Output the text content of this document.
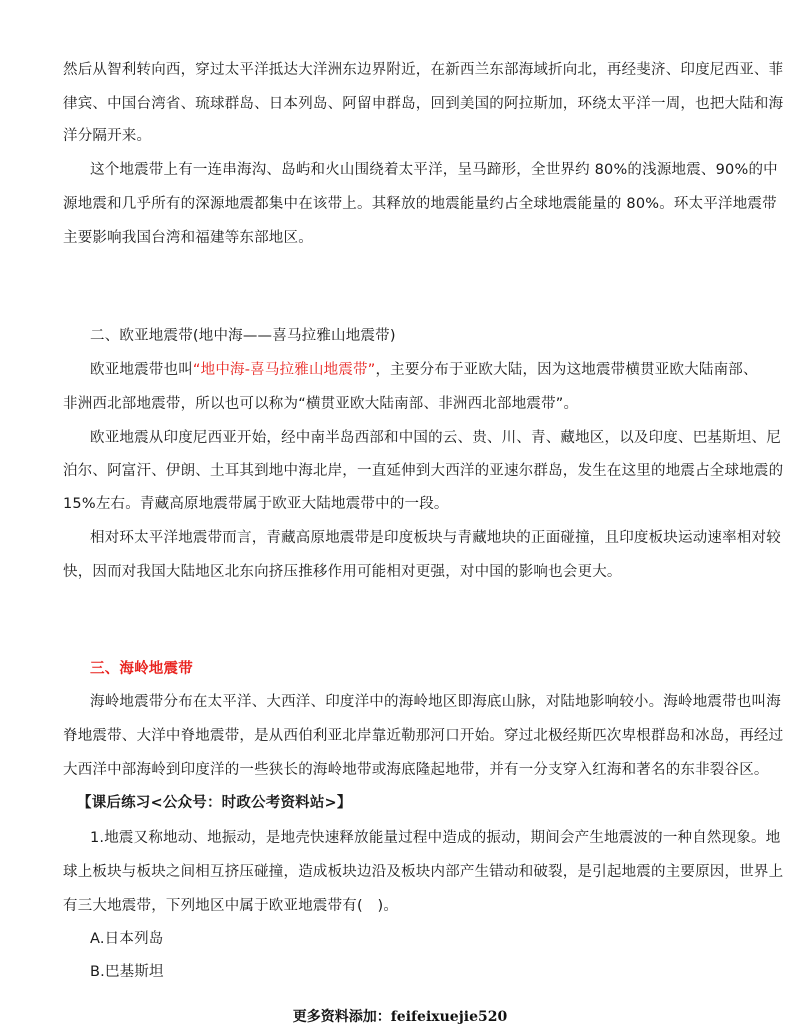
然后从智利转向西，穿过太平洋抵达大洋洲东边界附近，在新西兰东部海域折向北，再经斐济、印度尼西亚、菲
律宾、中国台湾省、琉球群岛、日本列岛、阿留申群岛，回到美国的阿拉斯加，环绕太平洋一周，也把大陆和海
洋分隔开来。
这个地震带上有一连串海沟、岛屿和火山围绕着太平洋，呈马蹄形，全世界约 80%的浅源地震、90%的中
源地震和几乎所有的深源地震都集中在该带上。其释放的地震能量约占全球地震能量的 80%。环太平洋地震带
主要影响我国台湾和福建等东部地区。
二、欧亚地震带(地中海——喜马拉雅山地震带)
欧亚地震带也叫“地中海-喜马拉雅山地震带”，主要分布于亚欧大陆，因为这地震带横贯亚欧大陆南部、
非洲西北部地震带，所以也可以称为“横贯亚欧大陆南部、非洲西北部地震带”。
欧亚地震从印度尼西亚开始，经中南半岛西部和中国的云、贵、川、青、藏地区，以及印度、巴基斯坦、尼
泊尔、阿富汗、伊朗、土耳其到地中海北岸，一直延伸到大西洋的亚速尔群岛，发生在这里的地震占全球地震的
15%左右。青藏高原地震带属于欧亚大陆地震带中的一段。
相对环太平洋地震带而言，青藏高原地震带是印度板块与青藏地块的正面碰撞，且印度板块运动速率相对较
快，因而对我国大陆地区北东向挤压推移作用可能相对更强，对中国的影响也会更大。
三、海岭地震带
海岭地震带分布在太平洋、大西洋、印度洋中的海岭地区即海底山脉，对陆地影响较小。海岭地震带也叫海
脊地震带、大洋中脊地震带，是从西伯利亚北岸靠近勒那河口开始。穿过北极经斯匹次卑根群岛和冰岛，再经过
大西洋中部海岭到印度洋的一些狭长的海岭地带或海底隆起地带，并有一分支穿入红海和著名的东非裂谷区。
【课后练习<公众号：时政公考资料站>】
1.地震又称地动、地振动，是地壳快速释放能量过程中造成的振动，期间会产生地震波的一种自然现象。地
球上板块与板块之间相互挤压碰撞，造成板块边沿及板块内部产生错动和破裂，是引起地震的主要原因，世界上
有三大地震带，下列地区中属于欧亚地震带有(　)。
A.日本列岛
B.巴基斯坦
更多资料添加：feifeixuejie520
